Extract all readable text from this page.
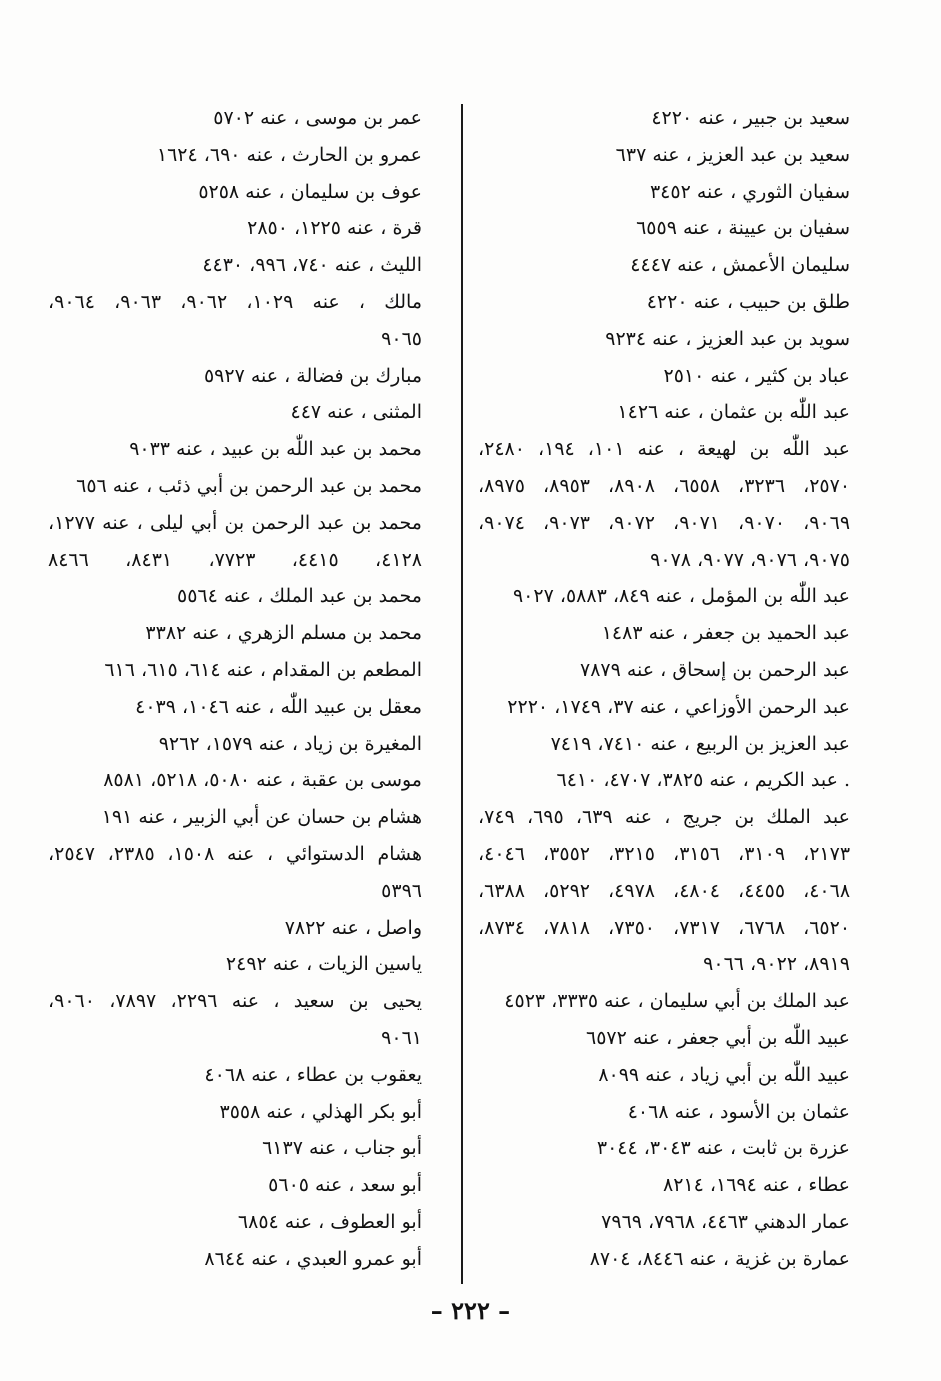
سعيد بن جبير ، عنه ٤٢٢٠
سعيد بن عبد العزيز ، عنه ٦٣٧
سفيان الثوري ، عنه ٣٤٥٢
سفيان بن عيينة ، عنه ٦٥٥٩
سليمان الأعمش ، عنه ٤٤٤٧
طلق بن حبيب ، عنه ٤٢٢٠
سويد بن عبد العزيز ، عنه ٩٢٣٤
عباد بن كثير ، عنه ٢٥١٠
عبد اللّٰه بن عثمان ، عنه ١٤٢٦
عبد اللّٰه بن لهيعة ، عنه ١٠١، ١٩٤، ٢٤٨٠،
٢٥٧٠، ٣٢٣٦، ٦٥٥٨، ٨٩٠٨، ٨٩٥٣، ٨٩٧٥،
٩٠٦٩، ٩٠٧٠، ٩٠٧١، ٩٠٧٢، ٩٠٧٣، ٩٠٧٤،
٩٠٧٥، ٩٠٧٦، ٩٠٧٧، ٩٠٧٨
عبد اللّٰه بن المؤمل ، عنه ٨٤٩، ٥٨٨٣، ٩٠٢٧
عبد الحميد بن جعفر ، عنه ١٤٨٣
عبد الرحمن بن إسحاق ، عنه ٧٨٧٩
عبد الرحمن الأوزاعي ، عنه ٣٧، ١٧٤٩، ٢٢٢٠
عبد العزيز بن الربيع ، عنه ٧٤١٠، ٧٤١٩
. عبد الكريم ، عنه ٣٨٢٥، ٤٧٠٧، ٦٤١٠
عبد الملك بن جريج ، عنه ٦٣٩، ٦٩٥، ٧٤٩،
٢١٧٣، ٣١٠٩، ٣١٥٦، ٣٢١٥، ٣٥٥٢، ٤٠٤٦،
٤٠٦٨، ٤٤٥٥، ٤٨٠٤، ٤٩٧٨، ٥٢٩٢، ٦٣٨٨،
٦٥٢٠، ٦٧٦٨، ٧٣١٧، ٧٣٥٠، ٧٨١٨، ٨٧٣٤،
٨٩١٩، ٩٠٢٢، ٩٠٦٦
عبد الملك بن أبي سليمان ، عنه ٣٣٣٥، ٤٥٢٣
عبيد اللّٰه بن أبي جعفر ، عنه ٦٥٧٢
عبيد اللّٰه بن أبي زياد ، عنه ٨٠٩٩
عثمان بن الأسود ، عنه ٤٠٦٨
عزرة بن ثابت ، عنه ٣٠٤٣، ٣٠٤٤
عطاء ، عنه ١٦٩٤، ٨٢١٤
عمار الدهني ٤٤٦٣، ٧٩٦٨، ٧٩٦٩
عمارة بن غزية ، عنه ٨٤٤٦، ٨٧٠٤
عمر بن موسى ، عنه ٥٧٠٢
عمرو بن الحارث ، عنه ٦٩٠، ١٦٢٤
عوف بن سليمان ، عنه ٥٢٥٨
قرة ، عنه ١٢٢٥، ٢٨٥٠
الليث ، عنه ٧٤٠، ٩٩٦، ٤٤٣٠
مالك ، عنه ١٠٢٩، ٩٠٦٢، ٩٠٦٣، ٩٠٦٤،
٩٠٦٥
مبارك بن فضالة ، عنه ٥٩٢٧
المثنى ، عنه ٤٤٧
محمد بن عبد اللّٰه بن عبيد ، عنه ٩٠٣٣
محمد بن عبد الرحمن بن أبي ذئب ، عنه ٦٥٦
محمد بن عبد الرحمن بن أبي ليلى ، عنه ١٢٧٧،
٤١٢٨، ٤٤١٥، ٧٧٢٣، ٨٤٣١، ٨٤٦٦
محمد بن عبد الملك ، عنه ٥٥٦٤
محمد بن مسلم الزهري ، عنه ٣٣٨٢
المطعم بن المقدام ، عنه ٦١٤، ٦١٥، ٦١٦
معقل بن عبيد اللّٰه ، عنه ١٠٤٦، ٤٠٣٩
المغيرة بن زياد ، عنه ١٥٧٩، ٩٢٦٢
موسى بن عقبة ، عنه ٥٠٨٠، ٥٢١٨، ٨٥٨١
هشام بن حسان عن أبي الزبير ، عنه ١٩١
هشام الدستوائي ، عنه ١٥٠٨، ٢٣٨٥، ٢٥٤٧،
٥٣٩٦
واصل ، عنه ٧٨٢٢
ياسين الزيات ، عنه ٢٤٩٢
يحيى بن سعيد ، عنه ٢٢٩٦، ٧٨٩٧، ٩٠٦٠،
٩٠٦١
يعقوب بن عطاء ، عنه ٤٠٦٨
أبو بكر الهذلي ، عنه ٣٥٥٨
أبو جناب ، عنه ٦١٣٧
أبو سعد ، عنه ٥٦٠٥
أبو العطوف ، عنه ٦٨٥٤
أبو عمرو العبدي ، عنه ٨٦٤٤
– ٢٢٢ –
